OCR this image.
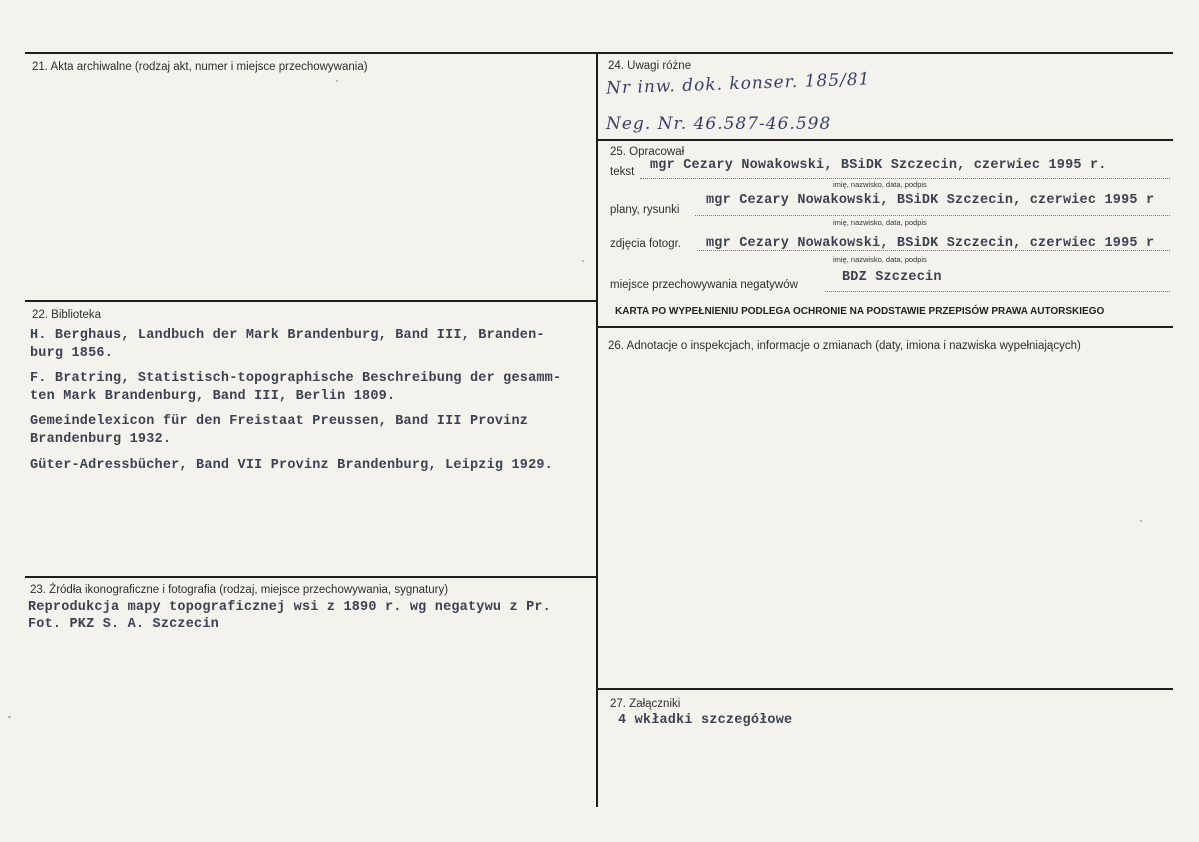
21. Akta archiwalne (rodzaj akt, numer i miejsce przechowywania)
22. Biblioteka
H. Berghaus, Landbuch der Mark Brandenburg, Band III, Branden-
burg 1856.
F. Bratring, Statistisch-topographische Beschreibung der gesamm-
ten Mark Brandenburg, Band III, Berlin 1809.
Gemeindelexicon für den Freistaat Preussen, Band III Provinz
Brandenburg 1932.
Güter-Adressbücher, Band VII Provinz Brandenburg, Leipzig 1929.
23. Źródła ikonograficzne i fotografia (rodzaj, miejsce przechowywania, sygnatury)
Reprodukcja mapy topograficznej wsi z 1890 r. wg negatywu z Pr.
Fot. PKZ S. A. Szczecin
24. Uwagi różne
Nr inw. dok. konser. 185/81
Neg. Nr. 46.587-46.598
25. Opracował
tekst mgr Cezary Nowakowski, BSiDK Szczecin, czerwiec 1995 r.
imię, nazwisko, data, podpis
plany, rysunki
mgr Cezary Nowakowski, BSiDK Szczecin, czerwiec 1995 r
imię, nazwisko, data, podpis
zdjęcia fotogr. mgr Cezary Nowakowski, BSiDK Szczecin, czerwiec 1995 r
imię, nazwisko, data, podpis
miejsce przechowywania negatywów	BDZ Szczecin
KARTA PO WYPEŁNIENIU PODLEGA OCHRONIE NA PODSTAWIE PRZEPISÓW PRAWA AUTORSKIEGO
26. Adnotacje o inspekcjach, informacje o zmianach (daty, imiona i nazwiska wypełniających)
27. Załączniki
4 wkładki szczegółowe
